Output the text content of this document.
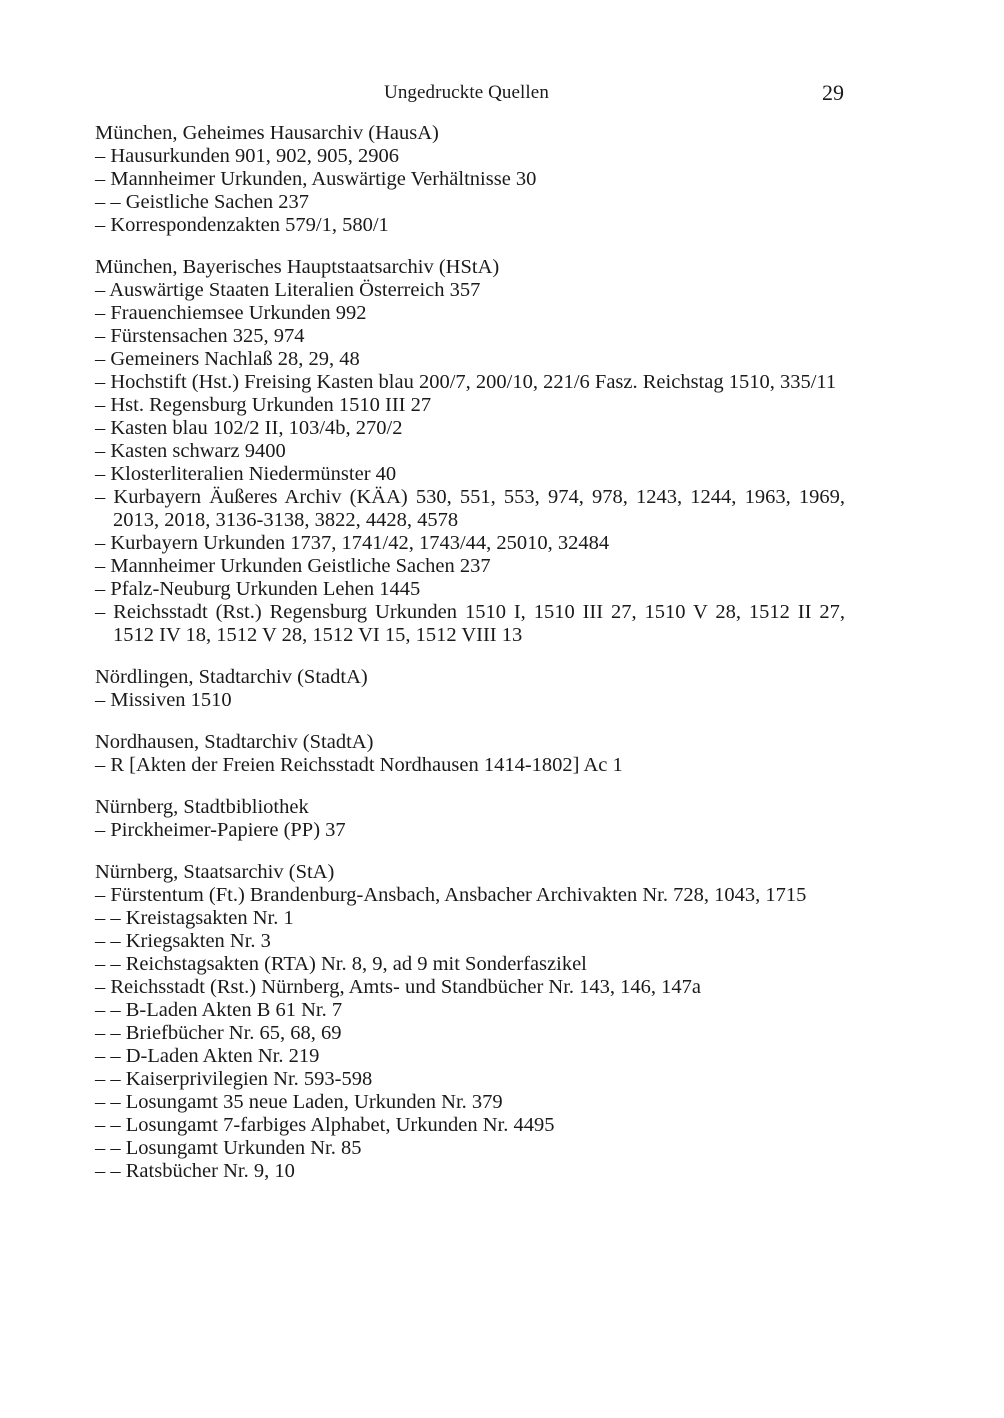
Ungedruckte Quellen	29
München, Geheimes Hausarchiv (HausA)
– Hausurkunden 901, 902, 905, 2906
– Mannheimer Urkunden, Auswärtige Verhältnisse 30
– – Geistliche Sachen 237
– Korrespondenzakten 579/1, 580/1
München, Bayerisches Hauptstaatsarchiv (HStA)
– Auswärtige Staaten Literalien Österreich 357
– Frauenchiemsee Urkunden 992
– Fürstensachen 325, 974
– Gemeiners Nachlaß 28, 29, 48
– Hochstift (Hst.) Freising Kasten blau 200/7, 200/10, 221/6 Fasz. Reichstag 1510, 335/11
– Hst. Regensburg Urkunden 1510 III 27
– Kasten blau 102/2 II, 103/4b, 270/2
– Kasten schwarz 9400
– Klosterliteralien Niedermünster 40
– Kurbayern Äußeres Archiv (KÄA) 530, 551, 553, 974, 978, 1243, 1244, 1963, 1969, 2013, 2018, 3136-3138, 3822, 4428, 4578
– Kurbayern Urkunden 1737, 1741/42, 1743/44, 25010, 32484
– Mannheimer Urkunden Geistliche Sachen 237
– Pfalz-Neuburg Urkunden Lehen 1445
– Reichsstadt (Rst.) Regensburg Urkunden 1510 I, 1510 III 27, 1510 V 28, 1512 II 27, 1512 IV 18, 1512 V 28, 1512 VI 15, 1512 VIII 13
Nördlingen, Stadtarchiv (StadtA)
– Missiven 1510
Nordhausen, Stadtarchiv (StadtA)
– R [Akten der Freien Reichsstadt Nordhausen 1414-1802] Ac 1
Nürnberg, Stadtbibliothek
– Pirckheimer-Papiere (PP) 37
Nürnberg, Staatsarchiv (StA)
– Fürstentum (Ft.) Brandenburg-Ansbach, Ansbacher Archivakten Nr. 728, 1043, 1715
– – Kreistagsakten Nr. 1
– – Kriegsakten Nr. 3
– – Reichstagsakten (RTA) Nr. 8, 9, ad 9 mit Sonderfaszikel
– Reichsstadt (Rst.) Nürnberg, Amts- und Standbücher Nr. 143, 146, 147a
– – B-Laden Akten B 61 Nr. 7
– – Briefbücher Nr. 65, 68, 69
– – D-Laden Akten Nr. 219
– – Kaiserprivilegien Nr. 593-598
– – Losungamt 35 neue Laden, Urkunden Nr. 379
– – Losungamt 7-farbiges Alphabet, Urkunden Nr. 4495
– – Losungamt Urkunden Nr. 85
– – Ratsbücher Nr. 9, 10
